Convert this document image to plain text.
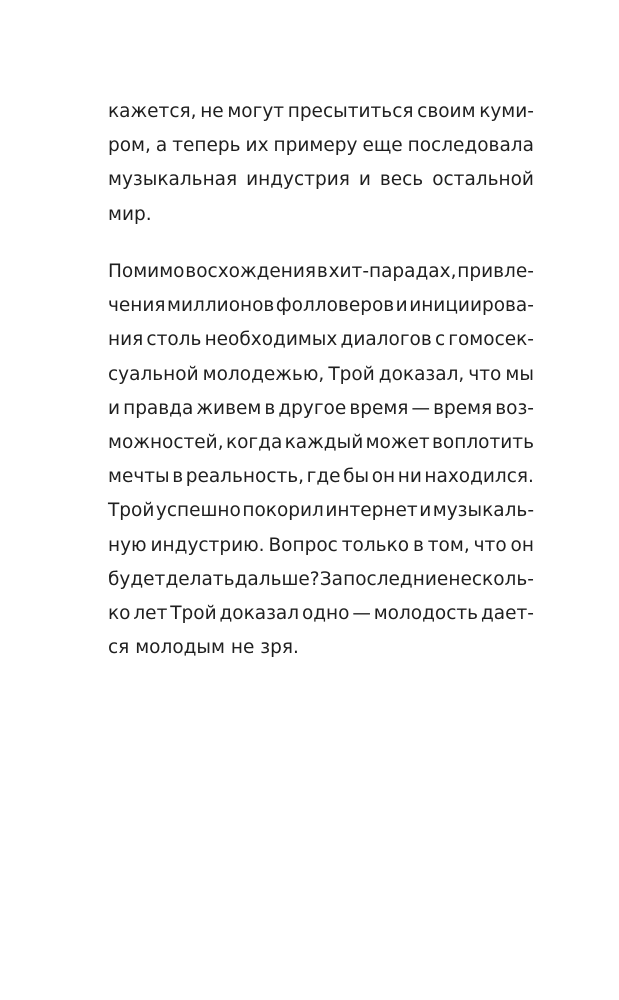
кажется, не могут пресытиться своим куми-
ром, а теперь их примеру еще последовала
музыкальная индустрия и весь остальной
мир.
Помимо восхождения в хит-парадах, привле-
чения миллионов фолловеров и инициирова-
ния столь необходимых диалогов с гомосек-
суальной молодежью, Трой доказал, что мы
и правда живем в другое время — время воз-
можностей, когда каждый может воплотить
мечты в реальность, где бы он ни находился.
Трой успешно покорил интернет и музыкаль-
ную индустрию. Вопрос только в том, что он
будет делать дальше? За последние несколь-
ко лет Трой доказал одно — молодость дает-
ся молодым не зря.
